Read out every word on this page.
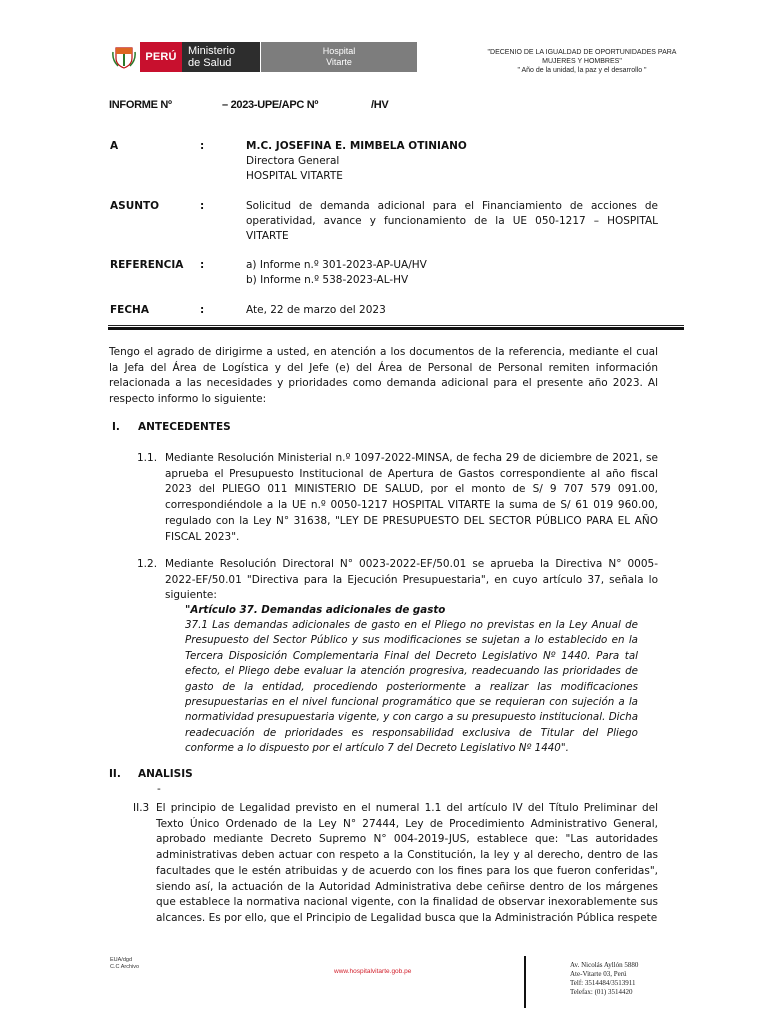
PERÚ	Ministerio
de Salud
Hospital
Vitarte
"DECENIO DE LA IGUALDAD DE OPORTUNIDADES PARA
MUJERES Y HOMBRES"
" Año de la unidad, la paz y el desarrollo "
INFORME Nº	– 2023-UPE/APC Nº	/HV
A	:	M.C. JOSEFINA E. MIMBELA OTINIANO
Directora General
HOSPITAL VITARTE
ASUNTO	:	Solicitud de demanda adicional para el Financiamiento de acciones de operatividad, avance y funcionamiento de la UE 050-1217 – HOSPITAL VITARTE
REFERENCIA :	a) Informe n.º 301-2023-AP-UA/HV
b) Informe n.º 538-2023-AL-HV
FECHA	:	Ate, 22 de marzo del 2023
Tengo el agrado de dirigirme a usted, en atención a los documentos de la referencia, mediante el cual la Jefa del Área de Logística y del Jefe (e) del Área de Personal de Personal remiten información relacionada a las necesidades y prioridades como demanda adicional para el presente año 2023. Al respecto informo lo siguiente:
I. ANTECEDENTES
1.1. Mediante Resolución Ministerial n.º 1097-2022-MINSA, de fecha 29 de diciembre de 2021, se aprueba el Presupuesto Institucional de Apertura de Gastos correspondiente al año fiscal 2023 del PLIEGO 011 MINISTERIO DE SALUD, por el monto de S/ 9 707 579 091.00, correspondiéndole a la UE n.º 0050-1217 HOSPITAL VITARTE la suma de S/ 61 019 960.00, regulado con la Ley N° 31638, "LEY DE PRESUPUESTO DEL SECTOR PÚBLICO PARA EL AÑO FISCAL 2023".
1.2. Mediante Resolución Directoral N° 0023-2022-EF/50.01 se aprueba la Directiva N° 0005-2022-EF/50.01 "Directiva para la Ejecución Presupuestaria", en cuyo artículo 37, señala lo siguiente:
"Artículo 37. Demandas adicionales de gasto
37.1 Las demandas adicionales de gasto en el Pliego no previstas en la Ley Anual de Presupuesto del Sector Público y sus modificaciones se sujetan a lo establecido en la Tercera Disposición Complementaria Final del Decreto Legislativo Nº 1440. Para tal efecto, el Pliego debe evaluar la atención progresiva, readecuando las prioridades de gasto de la entidad, procediendo posteriormente a realizar las modificaciones presupuestarias en el nivel funcional programático que se requieran con sujeción a la normatividad presupuestaria vigente, y con cargo a su presupuesto institucional. Dicha readecuación de prioridades es responsabilidad exclusiva de Titular del Pliego conforme a lo dispuesto por el artículo 7 del Decreto Legislativo Nº 1440".
II. ANALISIS
-
II.3 El principio de Legalidad previsto en el numeral 1.1 del artículo IV del Título Preliminar del Texto Único Ordenado de la Ley N° 27444, Ley de Procedimiento Administrativo General, aprobado mediante Decreto Supremo N° 004-2019-JUS, establece que: "Las autoridades administrativas deben actuar con respeto a la Constitución, la ley y al derecho, dentro de las facultades que le estén atribuidas y de acuerdo con los fines para los que fueron conferidas", siendo así, la actuación de la Autoridad Administrativa debe ceñirse dentro de los márgenes que establece la normativa nacional vigente, con la finalidad de observar inexorablemente sus alcances. Es por ello, que el Principio de Legalidad busca que la Administración Pública respete
EUA/dgd
C.C Archivo
www.hospitalvitarte.gob.pe
Av. Nicolás Ayllón 5880
Ate-Vitarte 03, Perú
Telf: 3514484/3513911
Telefax: (01) 3514420
